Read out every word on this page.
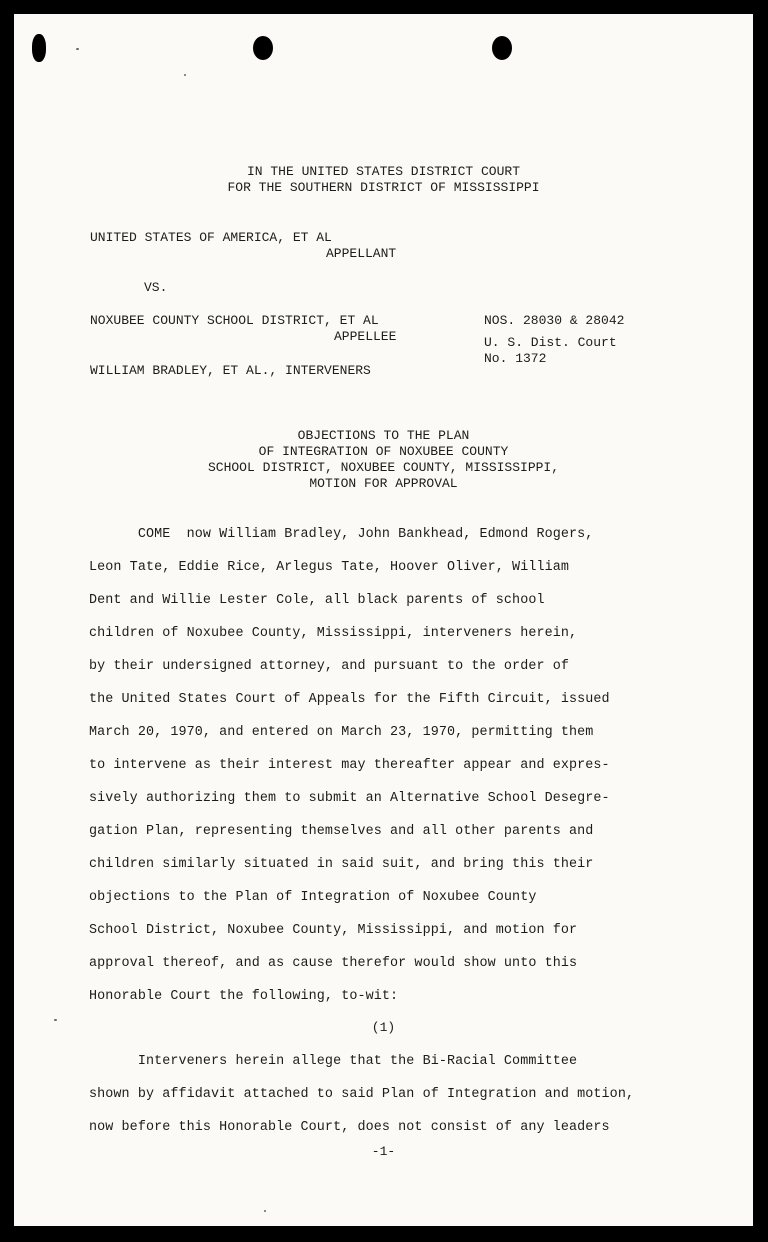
IN THE UNITED STATES DISTRICT COURT
FOR THE SOUTHERN DISTRICT OF MISSISSIPPI
UNITED STATES OF AMERICA, ET AL
APPELLANT
VS.
NOXUBEE COUNTY SCHOOL DISTRICT, ET AL
APPELLEE
WILLIAM BRADLEY, ET AL., INTERVENERS
NOS. 28030 & 28042
U. S. Dist. Court
No. 1372
OBJECTIONS TO THE PLAN
OF INTEGRATION OF NOXUBEE COUNTY
SCHOOL DISTRICT, NOXUBEE COUNTY, MISSISSIPPI,
MOTION FOR APPROVAL
COME  now William Bradley, John Bankhead, Edmond Rogers,
Leon Tate, Eddie Rice, Arlegus Tate, Hoover Oliver, William
Dent and Willie Lester Cole, all black parents of school
children of Noxubee County, Mississippi, interveners herein,
by their undersigned attorney, and pursuant to the order of
the United States Court of Appeals for the Fifth Circuit, issued
March 20, 1970, and entered on March 23, 1970, permitting them
to intervene as their interest may thereafter appear and expres-
sively authorizing them to submit an Alternative School Desegre-
gation Plan, representing themselves and all other parents and
children similarly situated in said suit, and bring this their
objections to the Plan of Integration of Noxubee County
School District, Noxubee County, Mississippi, and motion for
approval thereof, and as cause therefor would show unto this
Honorable Court the following, to-wit:
(1)
Interveners herein allege that the Bi-Racial Committee
shown by affidavit attached to said Plan of Integration and motion,
now before this Honorable Court, does not consist of any leaders
-1-
